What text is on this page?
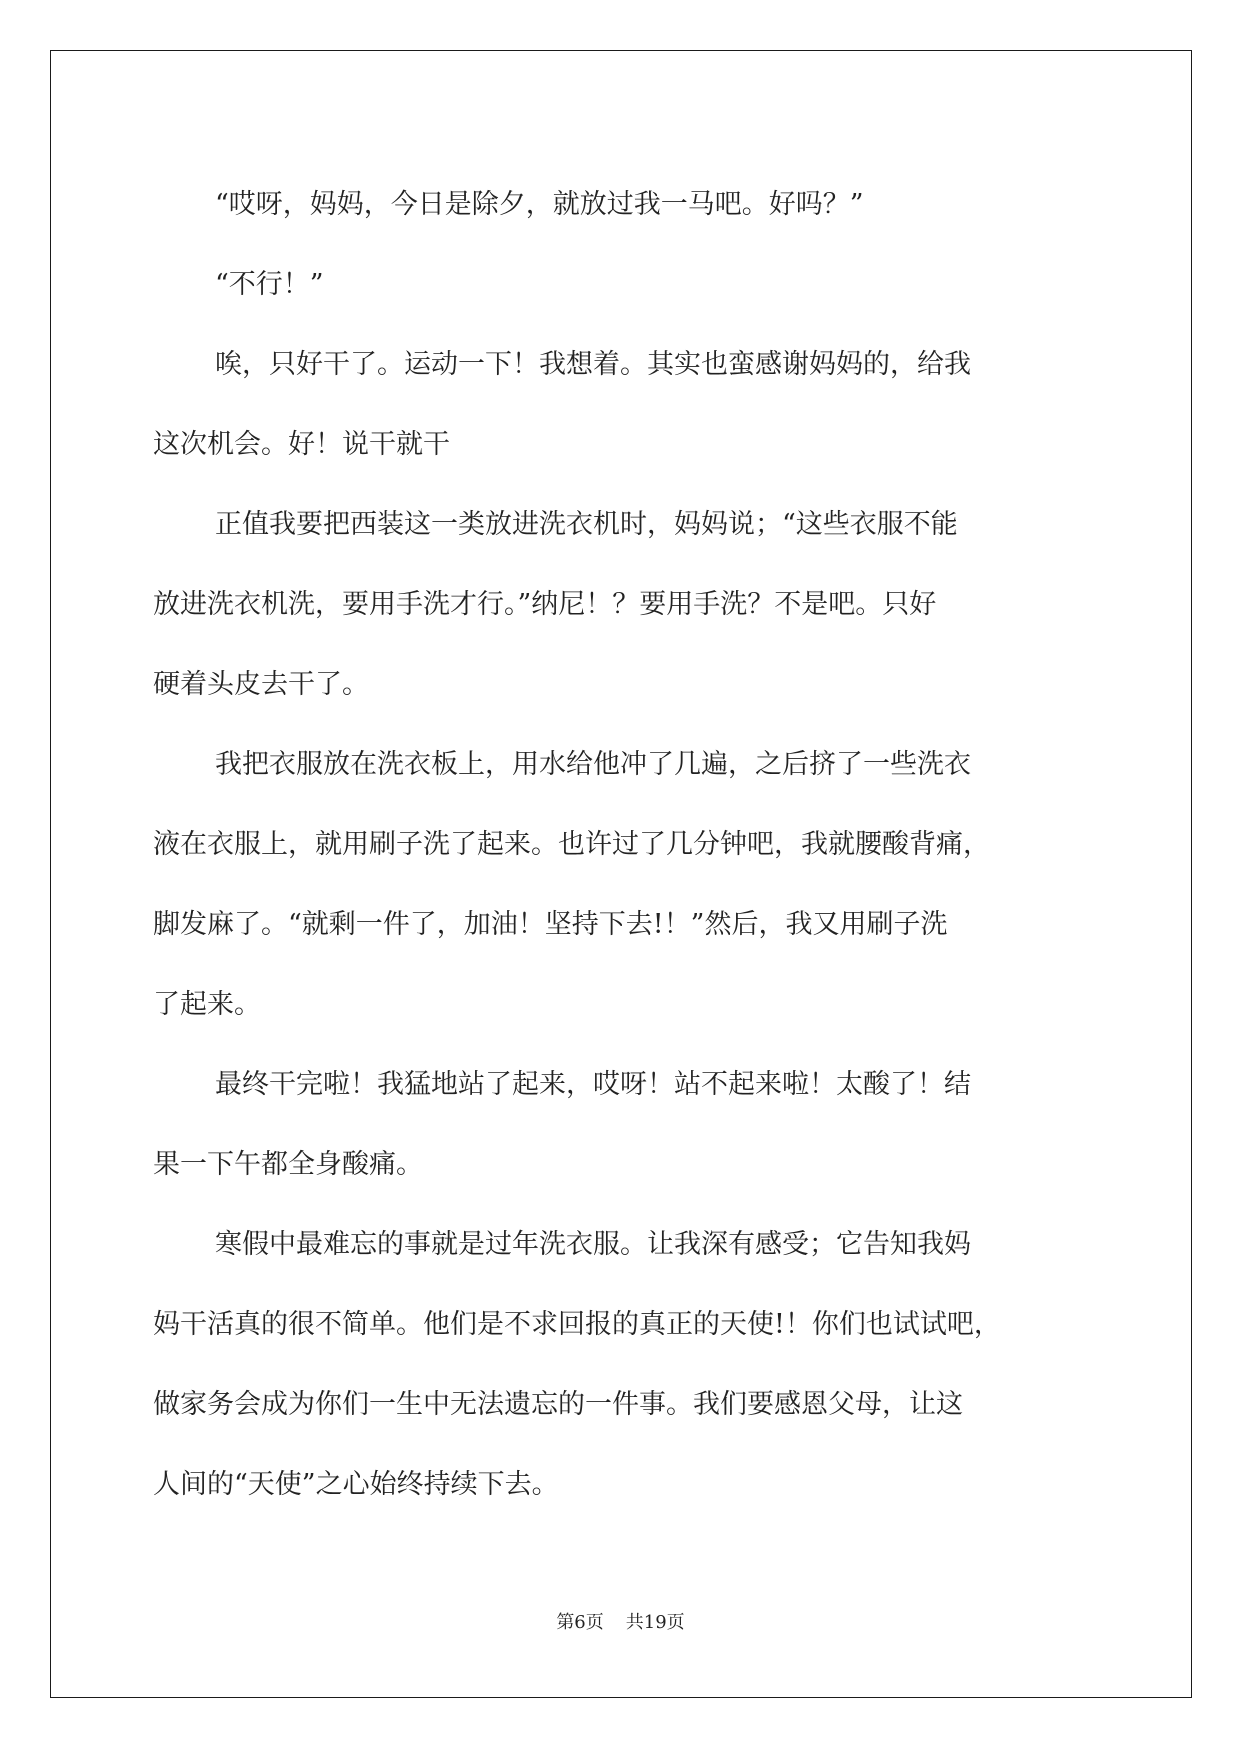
“哎呀，妈妈，今日是除夕，就放过我一马吧。好吗？”
“不行！”
唉，只好干了。运动一下！我想着。其实也蛮感谢妈妈的，给我
这次机会。好！说干就干
正值我要把西装这一类放进洗衣机时，妈妈说；“这些衣服不能
放进洗衣机洗，要用手洗才行。”纳尼！？要用手洗？不是吧。只好
硬着头皮去干了。
我把衣服放在洗衣板上，用水给他冲了几遍，之后挤了一些洗衣
液在衣服上，就用刷子洗了起来。也许过了几分钟吧，我就腰酸背痛，
脚发麻了。“就剩一件了，加油！坚持下去!！”然后，我又用刷子洗
了起来。
最终干完啦！我猛地站了起来，哎呀！站不起来啦！太酸了！结
果一下午都全身酸痛。
寒假中最难忘的事就是过年洗衣服。让我深有感受；它告知我妈
妈干活真的很不简单。他们是不求回报的真正的天使!！你们也试试吧，
做家务会成为你们一生中无法遗忘的一件事。我们要感恩父母，让这
人间的“天使”之心始终持续下去。
第6页 共19页
